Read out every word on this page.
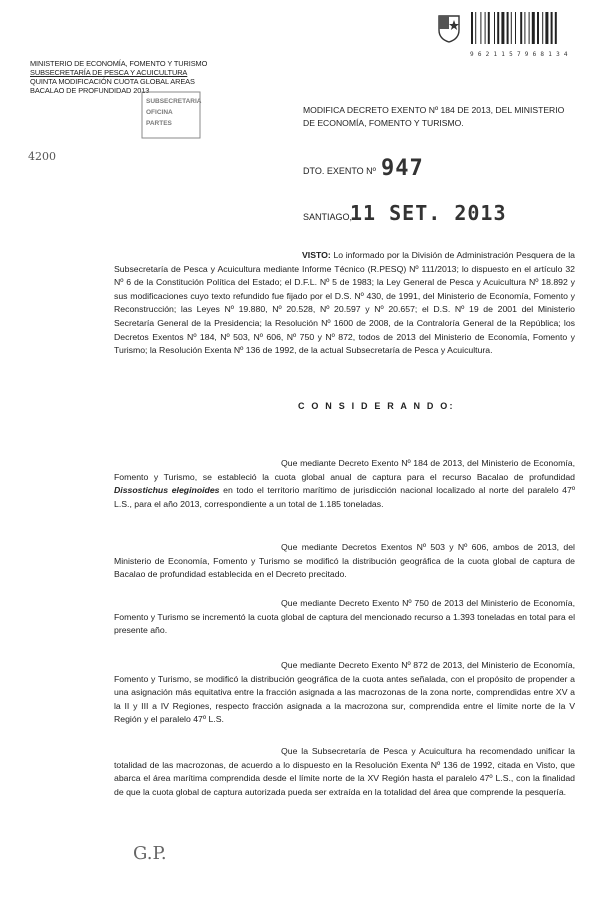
9 6 2 1 1 5 7 9 6 8 1 3 4
MINISTERIO DE ECONOMÍA, FOMENTO Y TURISMO
SUBSECRETARÍA DE PESCA Y ACUICULTURA
QUINTA MODIFICACIÓN CUOTA GLOBAL AREAS
BACALAO DE PROFUNDIDAD 2013
SUBSECRETARIA
OFICINA
PARTES
4200
MODIFICA DECRETO EXENTO Nº 184 DE 2013, DEL MINISTERIO DE ECONOMÍA, FOMENTO Y TURISMO.
DTO. EXENTO Nº 947
SANTIAGO,
11 SET. 2013
VISTO: Lo informado por la División de Administración Pesquera de la Subsecretaría de Pesca y Acuicultura mediante Informe Técnico (R.PESQ) Nº 111/2013; lo dispuesto en el artículo 32 Nº 6 de la Constitución Política del Estado; el D.F.L. Nº 5 de 1983; la Ley General de Pesca y Acuicultura Nº 18.892 y sus modificaciones cuyo texto refundido fue fijado por el D.S. Nº 430, de 1991, del Ministerio de Economía, Fomento y Reconstrucción; las Leyes Nº 19.880, Nº 20.528, Nº 20.597 y Nº 20.657; el D.S. Nº 19 de 2001 del Ministerio Secretaría General de la Presidencia; la Resolución Nº 1600 de 2008, de la Contraloría General de la República; los Decretos Exentos Nº 184, Nº 503, Nº 606, Nº 750 y Nº 872, todos de 2013 del Ministerio de Economía, Fomento y Turismo; la Resolución Exenta Nº 136 de 1992, de la actual Subsecretaría de Pesca y Acuicultura.
C O N S I D E R A N D O:
Que mediante Decreto Exento Nº 184 de 2013, del Ministerio de Economía, Fomento y Turismo, se estableció la cuota global anual de captura para el recurso Bacalao de profundidad Dissostichus eleginoides en todo el territorio marítimo de jurisdicción nacional localizado al norte del paralelo 47º L.S., para el año 2013, correspondiente a un total de 1.185 toneladas.
Que mediante Decretos Exentos Nº 503 y Nº 606, ambos de 2013, del Ministerio de Economía, Fomento y Turismo se modificó la distribución geográfica de la cuota global de captura de Bacalao de profundidad establecida en el Decreto precitado.
Que mediante Decreto Exento Nº 750 de 2013 del Ministerio de Economía, Fomento y Turismo se incrementó la cuota global de captura del mencionado recurso a 1.393 toneladas en total para el presente año.
Que mediante Decreto Exento Nº 872 de 2013, del Ministerio de Economía, Fomento y Turismo, se modificó la distribución geográfica de la cuota antes señalada, con el propósito de propender a una asignación más equitativa entre la fracción asignada a las macrozonas de la zona norte, comprendidas entre XV a la II y III a IV Regiones, respecto fracción asignada a la macrozona sur, comprendida entre el límite norte de la V Región y el paralelo 47º L.S.
Que la Subsecretaría de Pesca y Acuicultura ha recomendado unificar la totalidad de las macrozonas, de acuerdo a lo dispuesto en la Resolución Exenta Nº 136 de 1992, citada en Visto, que abarca el área marítima comprendida desde el límite norte de la XV Región hasta el paralelo 47º L.S., con la finalidad de que la cuota global de captura autorizada pueda ser extraída en la totalidad del área que comprende la pesquería.
G.P.
